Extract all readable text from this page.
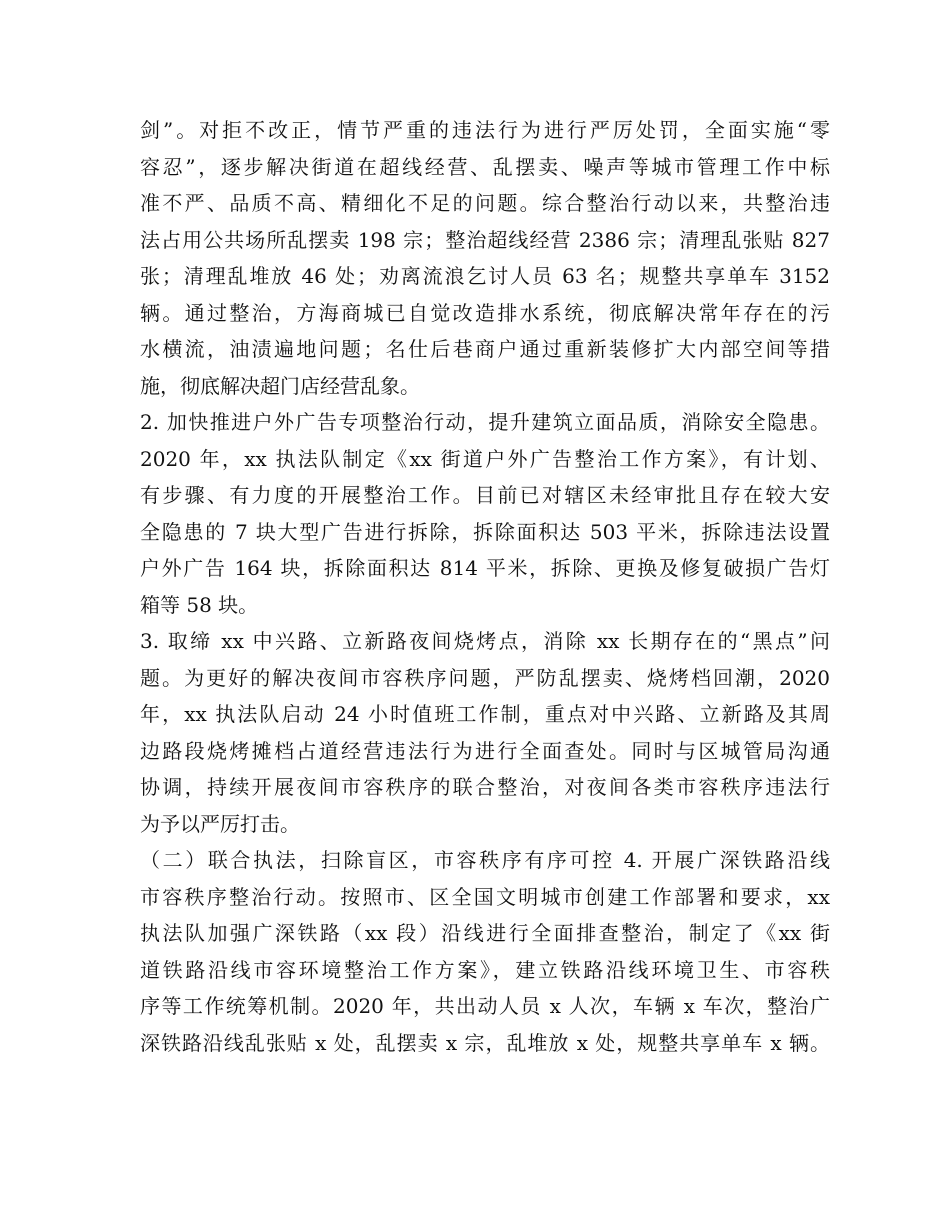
剑”。对拒不改正，情节严重的违法行为进行严厉处罚，全面实施“零
容忍”，逐步解决街道在超线经营、乱摆卖、噪声等城市管理工作中标
准不严、品质不高、精细化不足的问题。综合整治行动以来，共整治违
法占用公共场所乱摆卖 198 宗；整治超线经营 2386 宗；清理乱张贴 827
张；清理乱堆放 46 处；劝离流浪乞讨人员 63 名；规整共享单车 3152
辆。通过整治，方海商城已自觉改造排水系统，彻底解决常年存在的污
水横流，油渍遍地问题；名仕后巷商户通过重新装修扩大内部空间等措
施，彻底解决超门店经营乱象。
2. 加快推进户外广告专项整治行动，提升建筑立面品质，消除安全隐患。
2020 年，xx 执法队制定《xx 街道户外广告整治工作方案》，有计划、
有步骤、有力度的开展整治工作。目前已对辖区未经审批且存在较大安
全隐患的 7 块大型广告进行拆除，拆除面积达 503 平米，拆除违法设置
户外广告 164 块，拆除面积达 814 平米，拆除、更换及修复破损广告灯
箱等 58 块。
3. 取缔 xx 中兴路、立新路夜间烧烤点，消除 xx 长期存在的“黑点”问
题。为更好的解决夜间市容秩序问题，严防乱摆卖、烧烤档回潮，2020
年，xx 执法队启动 24 小时值班工作制，重点对中兴路、立新路及其周
边路段烧烤摊档占道经营违法行为进行全面查处。同时与区城管局沟通
协调，持续开展夜间市容秩序的联合整治，对夜间各类市容秩序违法行
为予以严厉打击。
（二）联合执法，扫除盲区，市容秩序有序可控 4. 开展广深铁路沿线
市容秩序整治行动。按照市、区全国文明城市创建工作部署和要求，xx
执法队加强广深铁路（xx 段）沿线进行全面排查整治，制定了《xx 街
道铁路沿线市容环境整治工作方案》，建立铁路沿线环境卫生、市容秩
序等工作统筹机制。2020 年，共出动人员 x 人次，车辆 x 车次，整治广
深铁路沿线乱张贴 x 处，乱摆卖 x 宗，乱堆放 x 处，规整共享单车 x 辆。
